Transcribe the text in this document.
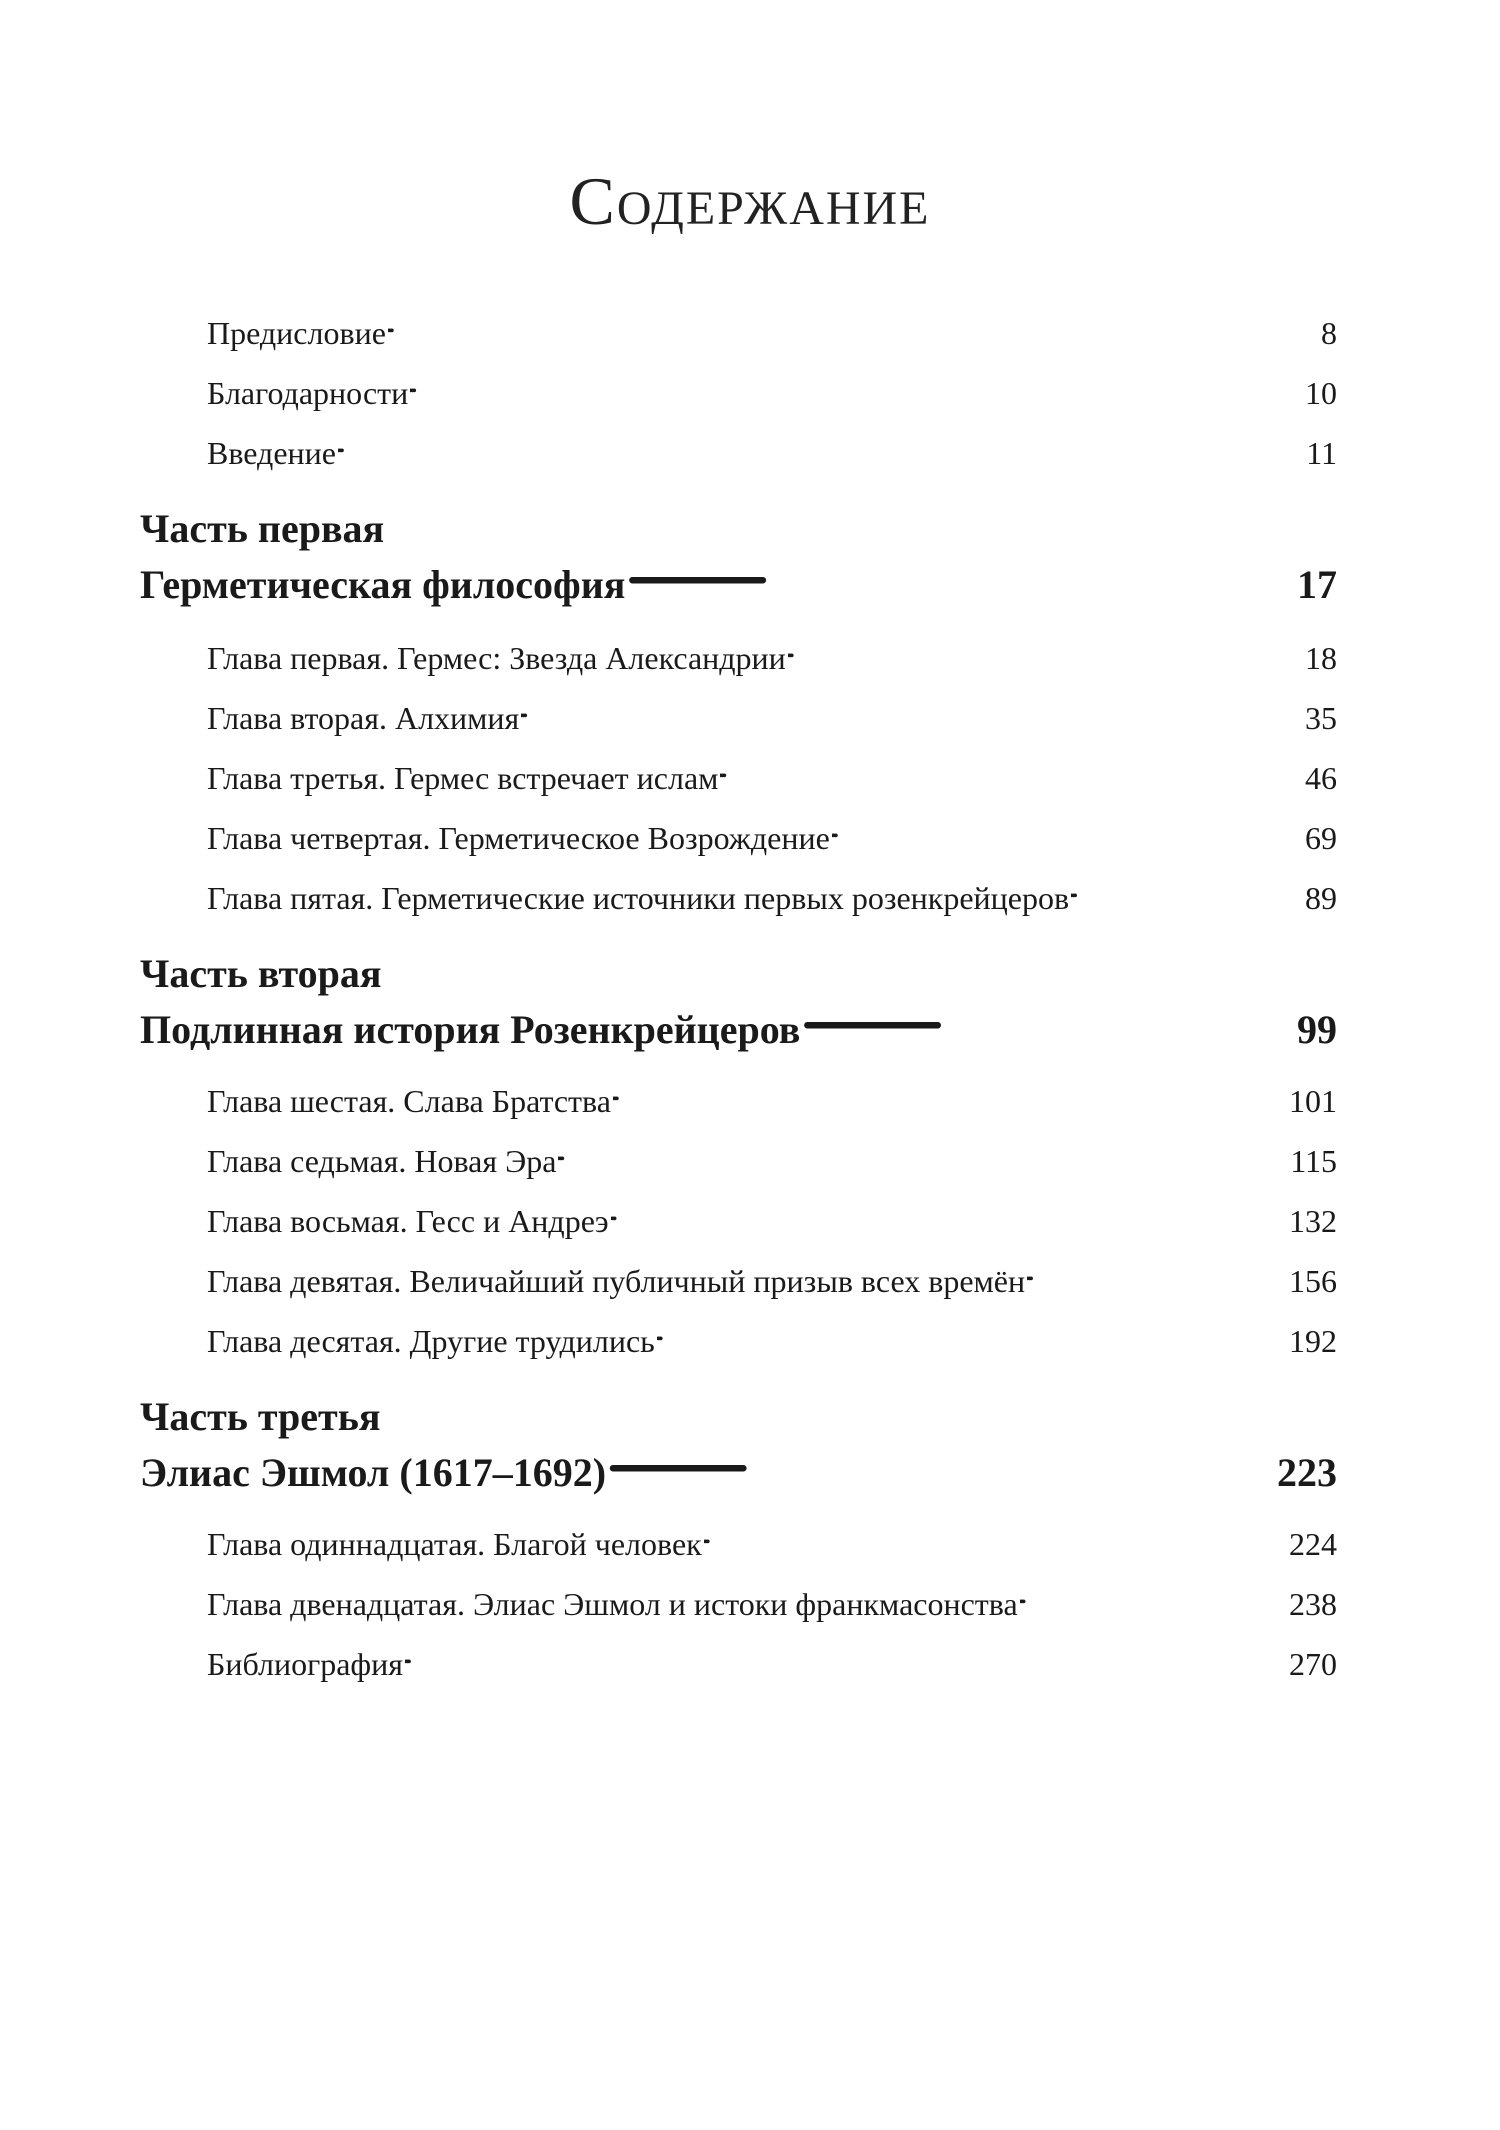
Содержание
Предисловие . . .	8
Благодарности . . .	10
Введение . . .	11
Часть первая
Герметическая философия . . .	17
Глава первая. Гермес: Звезда Александрии . . .	18
Глава вторая. Алхимия . . .	35
Глава третья. Гермес встречает ислам . . .	46
Глава четвертая. Герметическое Возрождение . . .	69
Глава пятая. Герметические источники первых розенкрейцеров . . .	89
Часть вторая
Подлинная история Розенкрейцеров . . .	99
Глава шестая. Слава Братства . . .	101
Глава седьмая. Новая Эра . . .	115
Глава восьмая. Гесс и Андреэ . . .	132
Глава девятая. Величайший публичный призыв всех времён . . .	156
Глава десятая. Другие трудились . . .	192
Часть третья
Элиас Эшмол (1617–1692) . . .	223
Глава одиннадцатая. Благой человек . . .	224
Глава двенадцатая. Элиас Эшмол и истоки франкмасонства . . .	238
Библиография . . .	270
